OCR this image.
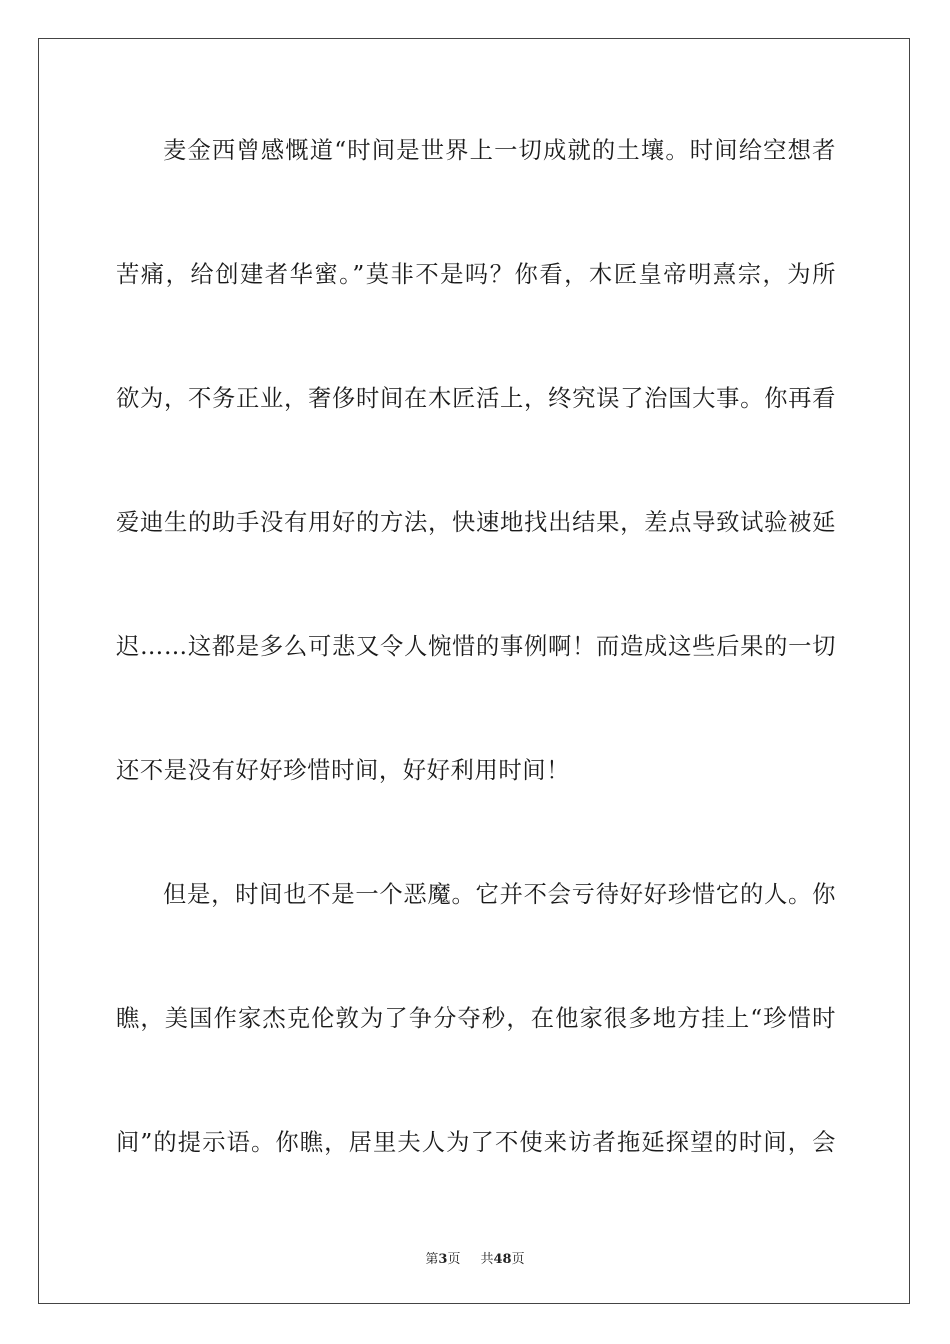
麦金西曾感慨道“时间是世界上一切成就的土壤。时间给空想者
苦痛，给创建者华蜜。”莫非不是吗？你看，木匠皇帝明熹宗，为所
欲为，不务正业，奢侈时间在木匠活上，终究误了治国大事。你再看
爱迪生的助手没有用好的方法，快速地找出结果，差点导致试验被延
迟……这都是多么可悲又令人惋惜的事例啊！而造成这些后果的一切
还不是没有好好珍惜时间，好好利用时间！
但是，时间也不是一个恶魔。它并不会亏待好好珍惜它的人。你
瞧，美国作家杰克伦敦为了争分夺秒，在他家很多地方挂上“珍惜时
间”的提示语。你瞧，居里夫人为了不使来访者拖延探望的时间，会
第3页 共48页
